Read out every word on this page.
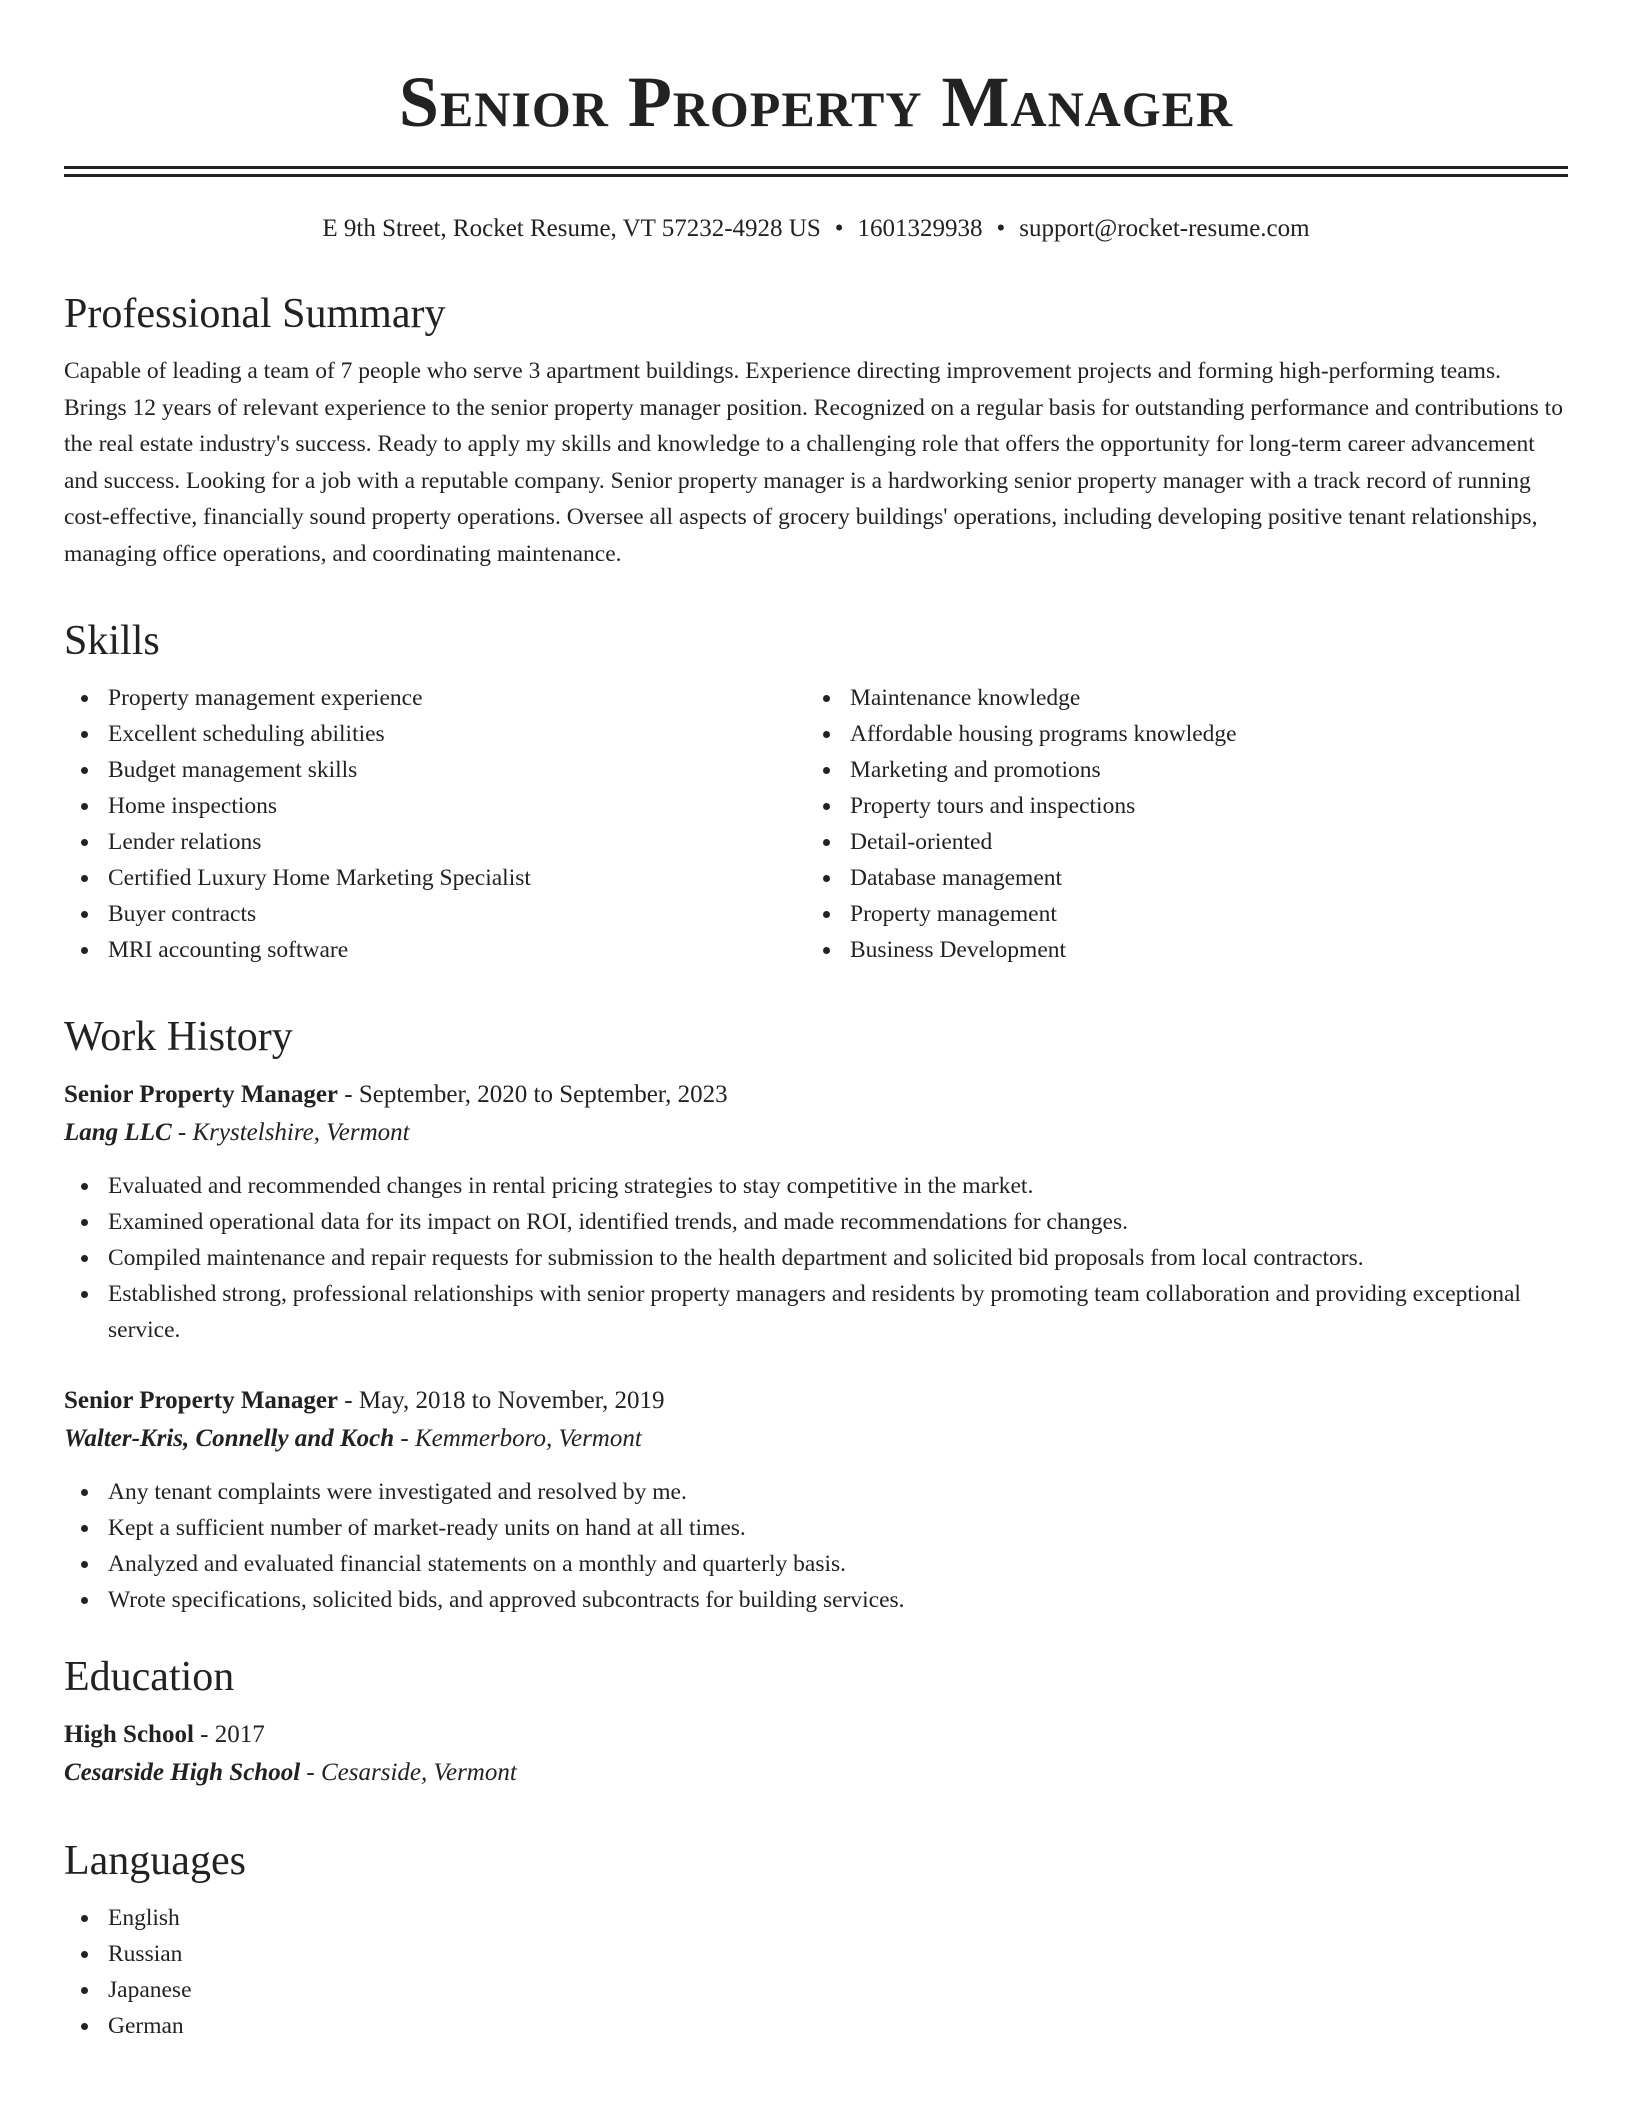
Senior Property Manager
E 9th Street, Rocket Resume, VT 57232-4928 US • 1601329938 • support@rocket-resume.com
Professional Summary

Capable of leading a team of 7 people who serve 3 apartment buildings. Experience directing improvement projects and forming high-performing teams. Brings 12 years of relevant experience to the senior property manager position. Recognized on a regular basis for outstanding performance and contributions to the real estate industry's success. Ready to apply my skills and knowledge to a challenging role that offers the opportunity for long-term career advancement and success. Looking for a job with a reputable company. Senior property manager is a hardworking senior property manager with a track record of running cost-effective, financially sound property operations. Oversee all aspects of grocery buildings' operations, including developing positive tenant relationships, managing office operations, and coordinating maintenance.

Skills
Property management experience
Excellent scheduling abilities
Budget management skills
Home inspections
Lender relations
Certified Luxury Home Marketing Specialist
Buyer contracts
MRI accounting software
Maintenance knowledge
Affordable housing programs knowledge
Marketing and promotions
Property tours and inspections
Detail-oriented
Database management
Property management
Business Development
Work History
Senior Property Manager - September, 2020 to September, 2023
Lang LLC - Krystelshire, Vermont
Evaluated and recommended changes in rental pricing strategies to stay competitive in the market.
Examined operational data for its impact on ROI, identified trends, and made recommendations for changes.
Compiled maintenance and repair requests for submission to the health department and solicited bid proposals from local contractors.
Established strong, professional relationships with senior property managers and residents by promoting team collaboration and providing exceptional service.
Senior Property Manager - May, 2018 to November, 2019
Walter-Kris, Connelly and Koch - Kemmerboro, Vermont
Any tenant complaints were investigated and resolved by me.
Kept a sufficient number of market-ready units on hand at all times.
Analyzed and evaluated financial statements on a monthly and quarterly basis.
Wrote specifications, solicited bids, and approved subcontracts for building services.
Education
High School - 2017
Cesarside High School - Cesarside, Vermont
Languages
English
Russian
Japanese
German
